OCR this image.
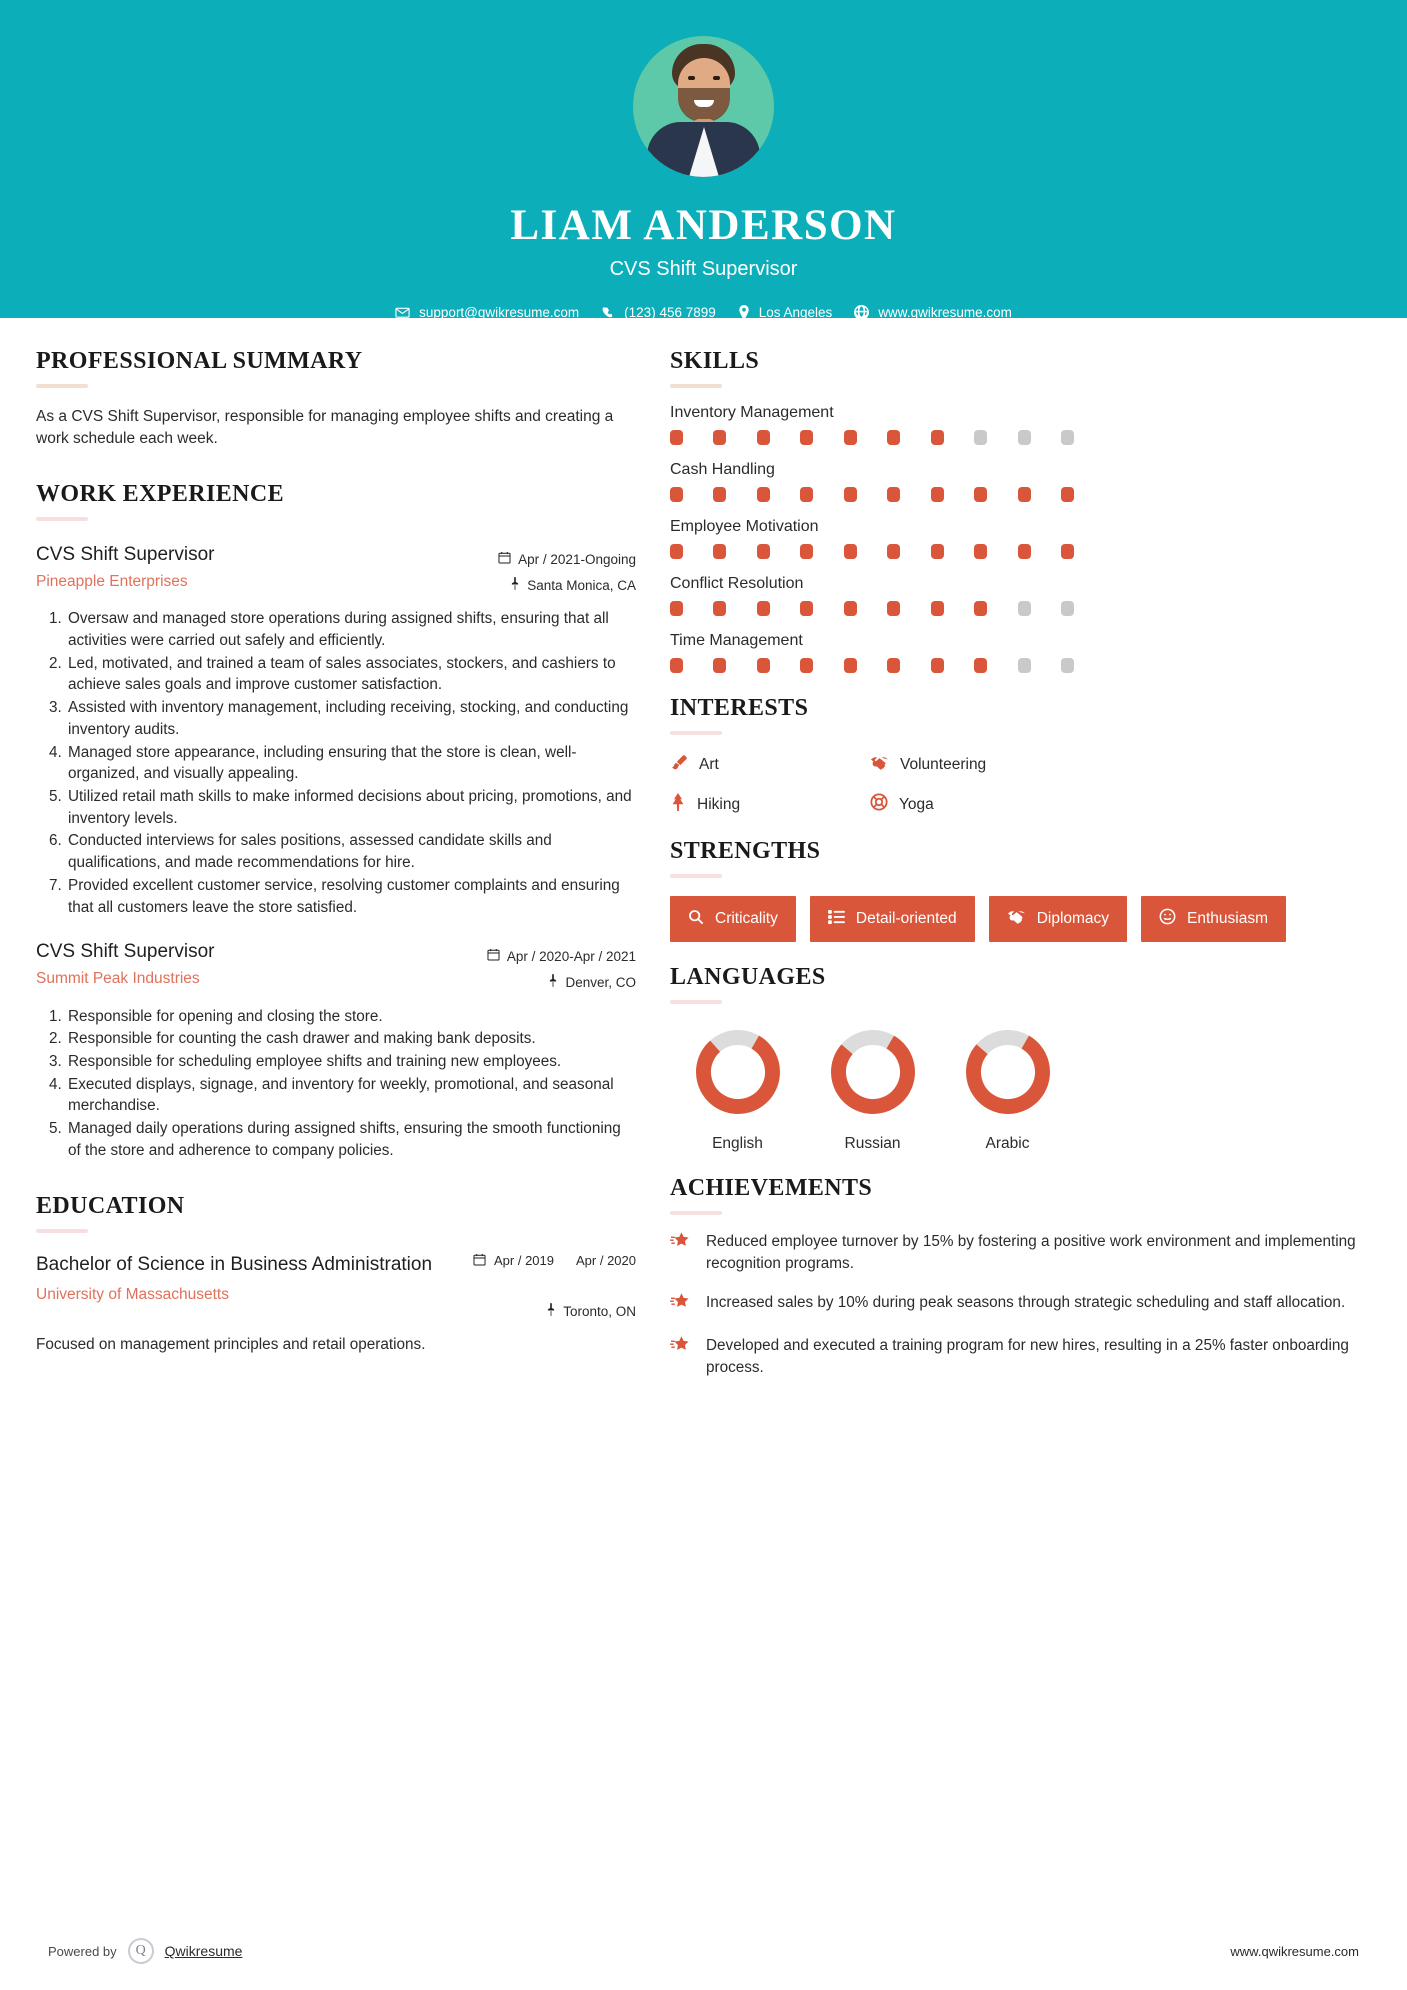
LIAM ANDERSON
CVS Shift Supervisor
support@qwikresume.com	(123) 456 7899	Los Angeles	www.qwikresume.com
PROFESSIONAL SUMMARY
As a CVS Shift Supervisor, responsible for managing employee shifts and creating a work schedule each week.
WORK EXPERIENCE
CVS Shift Supervisor
Pineapple Enterprises
Apr / 2021-Ongoing
Santa Monica, CA
1. Oversaw and managed store operations during assigned shifts, ensuring that all activities were carried out safely and efficiently.
2. Led, motivated, and trained a team of sales associates, stockers, and cashiers to achieve sales goals and improve customer satisfaction.
3. Assisted with inventory management, including receiving, stocking, and conducting inventory audits.
4. Managed store appearance, including ensuring that the store is clean, well-organized, and visually appealing.
5. Utilized retail math skills to make informed decisions about pricing, promotions, and inventory levels.
6. Conducted interviews for sales positions, assessed candidate skills and qualifications, and made recommendations for hire.
7. Provided excellent customer service, resolving customer complaints and ensuring that all customers leave the store satisfied.
CVS Shift Supervisor
Summit Peak Industries
Apr / 2020-Apr / 2021
Denver, CO
1. Responsible for opening and closing the store.
2. Responsible for counting the cash drawer and making bank deposits.
3. Responsible for scheduling employee shifts and training new employees.
4. Executed displays, signage, and inventory for weekly, promotional, and seasonal merchandise.
5. Managed daily operations during assigned shifts, ensuring the smooth functioning of the store and adherence to company policies.
EDUCATION
Bachelor of Science in Business Administration
University of Massachusetts
Apr / 2019 Apr / 2020
Toronto, ON
Focused on management principles and retail operations.
SKILLS
Inventory Management
Cash Handling
Employee Motivation
Conflict Resolution
Time Management
INTERESTS
Art	Volunteering
Hiking	Yoga
STRENGTHS
Criticality	Detail-oriented	Diplomacy	Enthusiasm
LANGUAGES
English	Russian	Arabic
ACHIEVEMENTS
Reduced employee turnover by 15% by fostering a positive work environment and implementing recognition programs.
Increased sales by 10% during peak seasons through strategic scheduling and staff allocation.
Developed and executed a training program for new hires, resulting in a 25% faster onboarding process.
Powered by	Q	Qwikresume	www.qwikresume.com
